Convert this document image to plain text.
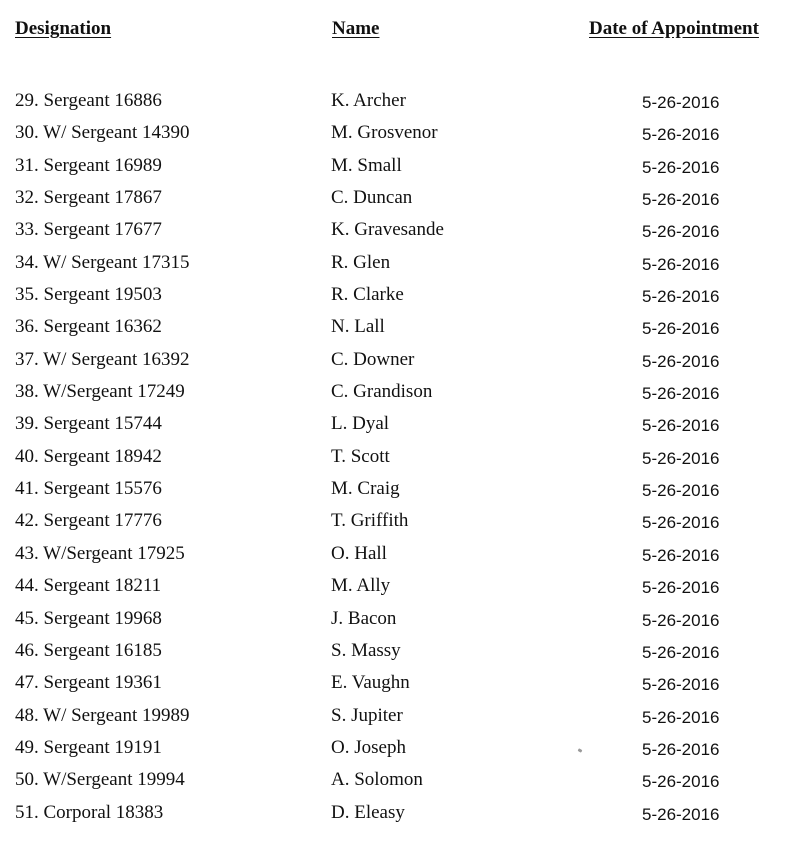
Designation	Name	Date of Appointment
29. Sergeant 16886	K. Archer	5-26-2016
30. W/ Sergeant 14390	M. Grosvenor	5-26-2016
31. Sergeant 16989	M. Small	5-26-2016
32. Sergeant 17867	C. Duncan	5-26-2016
33. Sergeant 17677	K. Gravesande	5-26-2016
34. W/ Sergeant 17315	R. Glen	5-26-2016
35. Sergeant 19503	R. Clarke	5-26-2016
36. Sergeant 16362	N. Lall	5-26-2016
37. W/ Sergeant 16392	C. Downer	5-26-2016
38. W/Sergeant 17249	C. Grandison	5-26-2016
39. Sergeant 15744	L. Dyal	5-26-2016
40. Sergeant 18942	T. Scott	5-26-2016
41. Sergeant 15576	M. Craig	5-26-2016
42. Sergeant 17776	T. Griffith	5-26-2016
43. W/Sergeant 17925	O. Hall	5-26-2016
44. Sergeant 18211	M. Ally	5-26-2016
45. Sergeant 19968	J. Bacon	5-26-2016
46. Sergeant 16185	S. Massy	5-26-2016
47. Sergeant 19361	E. Vaughn	5-26-2016
48. W/ Sergeant 19989	S. Jupiter	5-26-2016
49. Sergeant 19191	O. Joseph	5-26-2016
50. W/Sergeant 19994	A. Solomon	5-26-2016
51. Corporal 18383	D. Eleasy	5-26-2016
